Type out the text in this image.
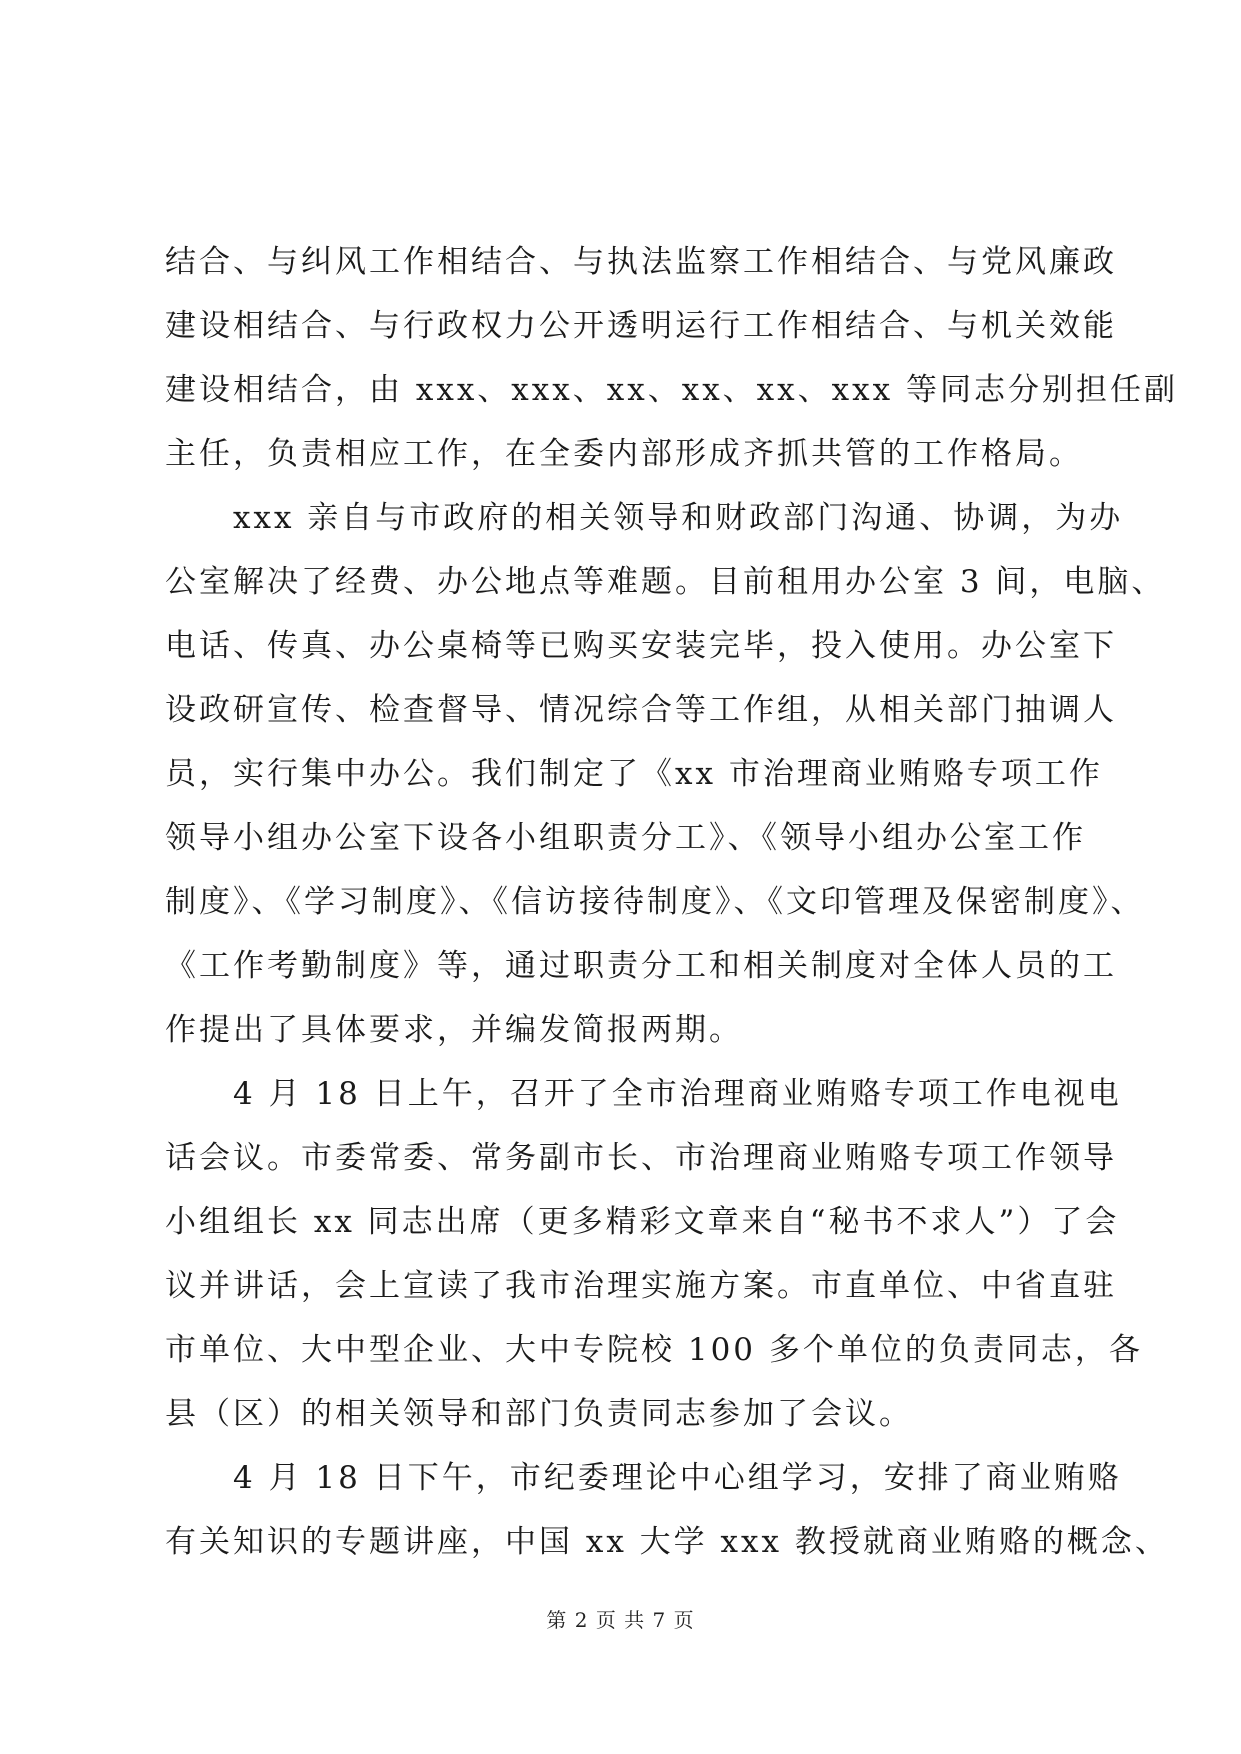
结合、与纠风工作相结合、与执法监察工作相结合、与党风廉政
建设相结合、与行政权力公开透明运行工作相结合、与机关效能
建设相结合，由 xxx、xxx、xx、xx、xx、xxx 等同志分别担任副
主任，负责相应工作，在全委内部形成齐抓共管的工作格局。
　　xxx 亲自与市政府的相关领导和财政部门沟通、协调，为办
公室解决了经费、办公地点等难题。目前租用办公室 3 间，电脑、
电话、传真、办公桌椅等已购买安装完毕，投入使用。办公室下
设政研宣传、检查督导、情况综合等工作组，从相关部门抽调人
员，实行集中办公。我们制定了《xx 市治理商业贿赂专项工作
领导小组办公室下设各小组职责分工》、《领导小组办公室工作
制度》、《学习制度》、《信访接待制度》、《文印管理及保密制度》、
《工作考勤制度》等，通过职责分工和相关制度对全体人员的工
作提出了具体要求，并编发简报两期。
　　4 月 18 日上午，召开了全市治理商业贿赂专项工作电视电
话会议。市委常委、常务副市长、市治理商业贿赂专项工作领导
小组组长 xx 同志出席（更多精彩文章来自“秘书不求人”）了会
议并讲话，会上宣读了我市治理实施方案。市直单位、中省直驻
市单位、大中型企业、大中专院校 100 多个单位的负责同志，各
县（区）的相关领导和部门负责同志参加了会议。
　　4 月 18 日下午，市纪委理论中心组学习，安排了商业贿赂
有关知识的专题讲座，中国 xx 大学 xxx 教授就商业贿赂的概念、
第 2 页 共 7 页
